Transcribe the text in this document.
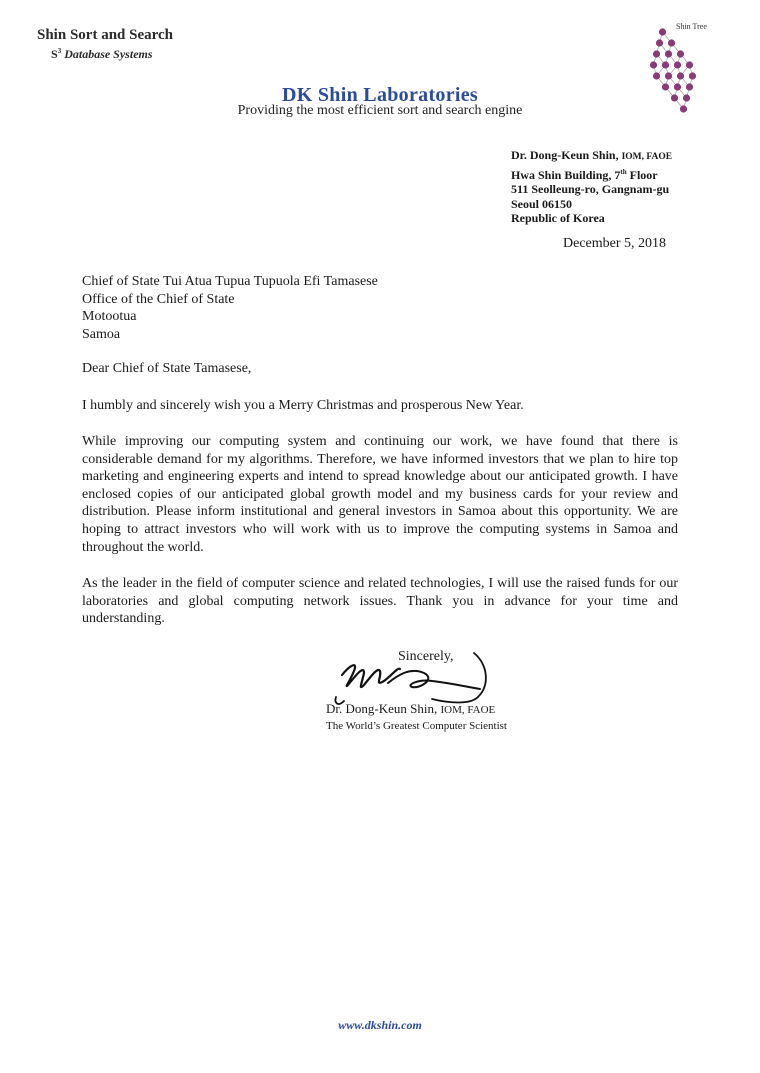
Shin Sort and Search
$S^3$ Database Systems
Shin Tree
DK Shin Laboratories
Providing the most efficient sort and search engine
Dr. Dong-Keun Shin, IOM, FAOE
Hwa Shin Building, 7th Floor
511 Seolleung-ro, Gangnam-gu
Seoul 06150
Republic of Korea
December 5, 2018
Chief of State Tui Atua Tupua Tupuola Efi Tamasese
Office of the Chief of State
Motootua
Samoa
Dear Chief of State Tamasese,
I humbly and sincerely wish you a Merry Christmas and prosperous New Year.
While improving our computing system and continuing our work, we have found that there is considerable demand for my algorithms. Therefore, we have informed investors that we plan to hire top marketing and engineering experts and intend to spread knowledge about our anticipated growth. I have enclosed copies of our anticipated global growth model and my business cards for your review and distribution. Please inform institutional and general investors in Samoa about this opportunity. We are hoping to attract investors who will work with us to improve the computing systems in Samoa and throughout the world.
As the leader in the field of computer science and related technologies, I will use the raised funds for our laboratories and global computing network issues. Thank you in advance for your time and understanding.
Sincerely,
Dr. Dong-Keun Shin, IOM, FAOE
The World’s Greatest Computer Scientist
www.dkshin.com
